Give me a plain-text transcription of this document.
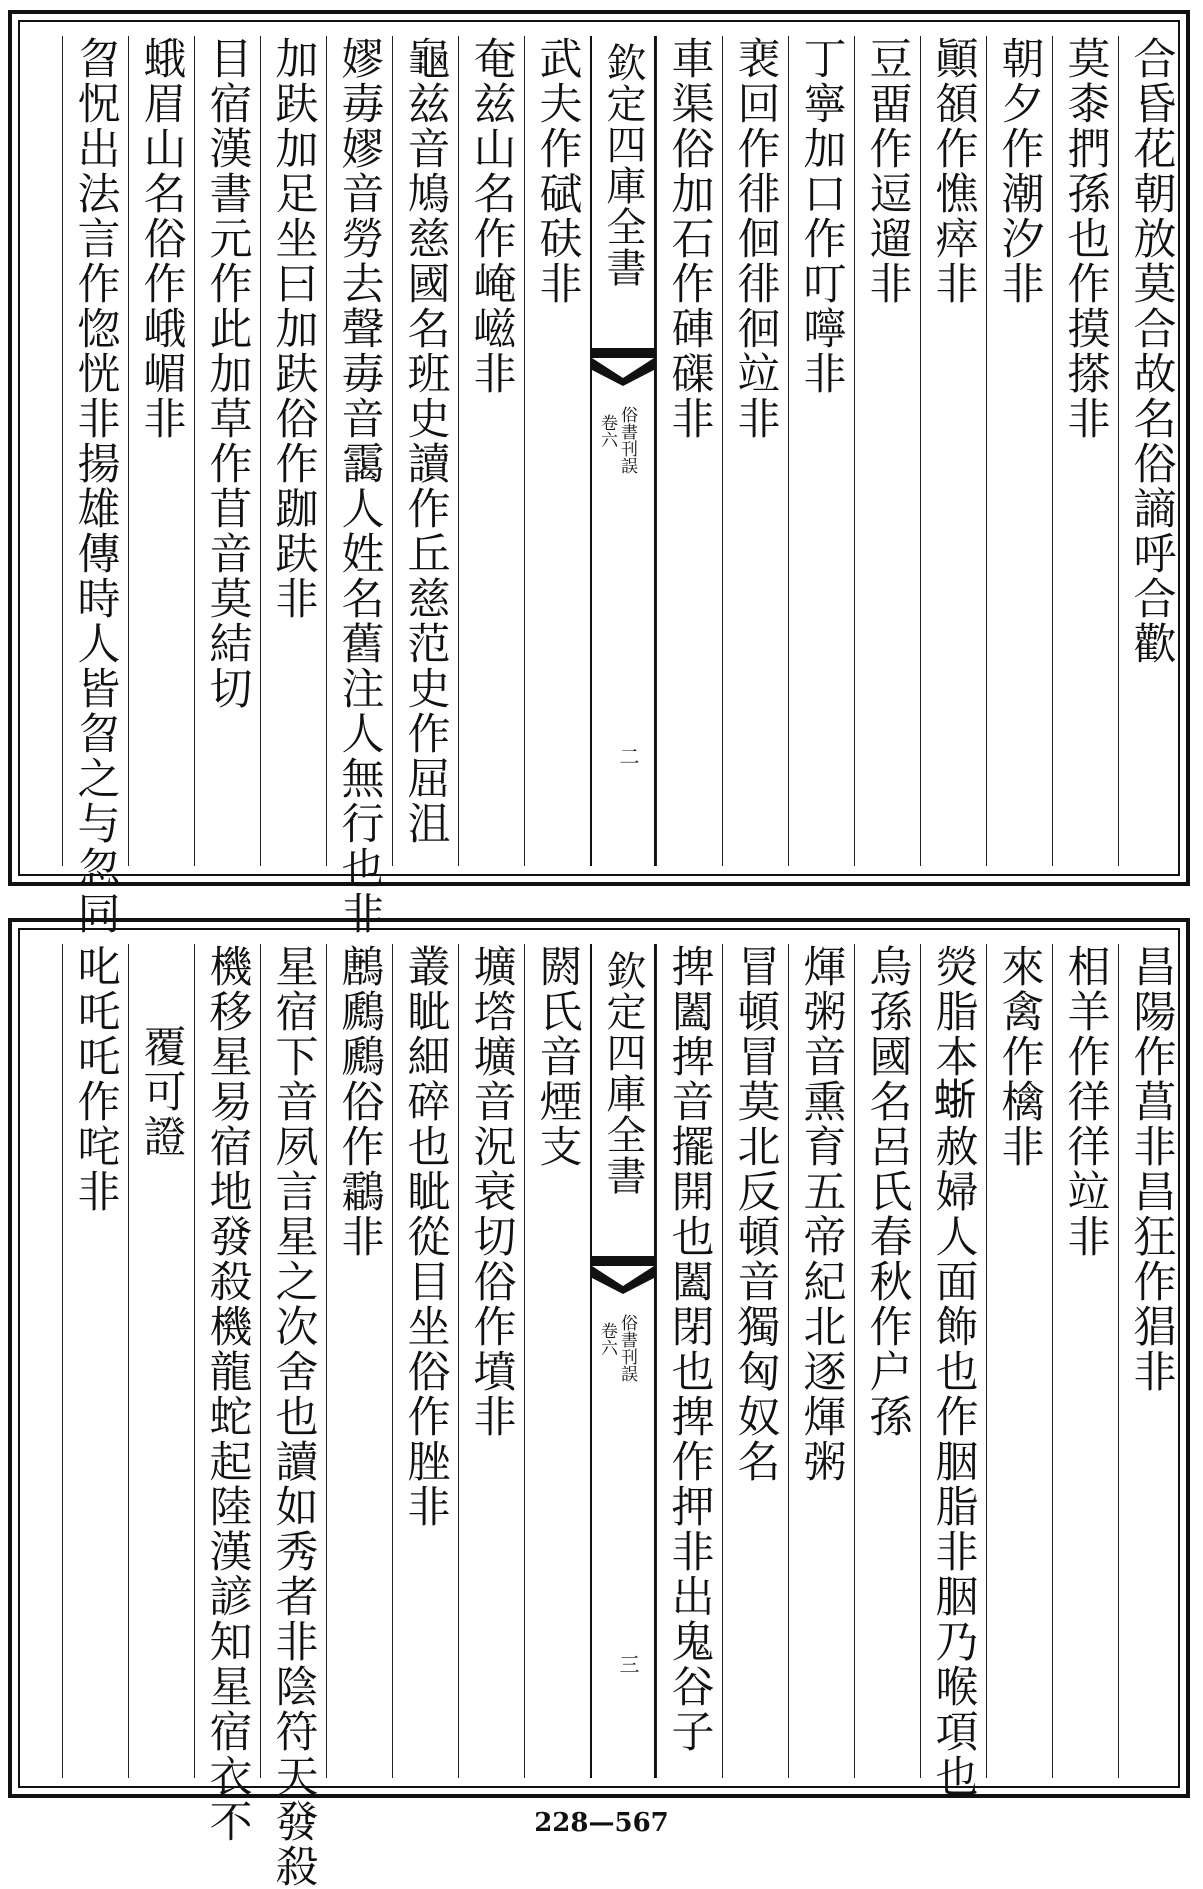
合昏花朝放莫合故名俗謪呼合歡
莫桼捫孫也作摸搽非
朝夕作潮汐非
顚頟作憔瘁非
豆畱作逗遛非
丁寧加口作叮嚀非
裵回作徘佪徘徊竝非
車渠俗加石作硨磲非
欽定四庫全書
俗書刊誤
卷六
二
武夫作碔砆非
奄兹山名作崦嵫非
龜兹音鳩慈國名班史讀作丘慈范史作屈沮
嫪毐嫪音勞去聲毐音靄人姓名舊注人無行也非
加趺加足坐曰加趺俗作跏趺非
目宿漢書元作此加草作苜音莫結切
蛾眉山名俗作峨嵋非
曶怳出法言作惚恍非揚雄傳時人皆曶之与忽同
昌陽作菖非昌狂作猖非
相羊作徉徉竝非
來禽作檎非
熒脂本𧋍赦婦人面飾也作胭脂非胭乃喉項也
烏孫國名呂氏春秋作户孫
煇粥音熏育五帝紀北逐煇粥
冒頓冒莫北反頓音獨匈奴名
捭闔捭音擺開也闔閉也捭作押非出鬼谷子
欽定四庫全書
俗書刊誤
卷六
三
閼氏音煙支
壙㙮壙音況衰切俗作墳非
叢眦細碎也眦從目坐俗作脞非
鶶鷉鷉俗作鸘非
星宿下音夙言星之次舍也讀如秀者非陰符天發殺
機移星易宿地發殺機龍蛇起陸漢諺知星宿衣不
覆可證
叱吒吒作咤非
228—567
